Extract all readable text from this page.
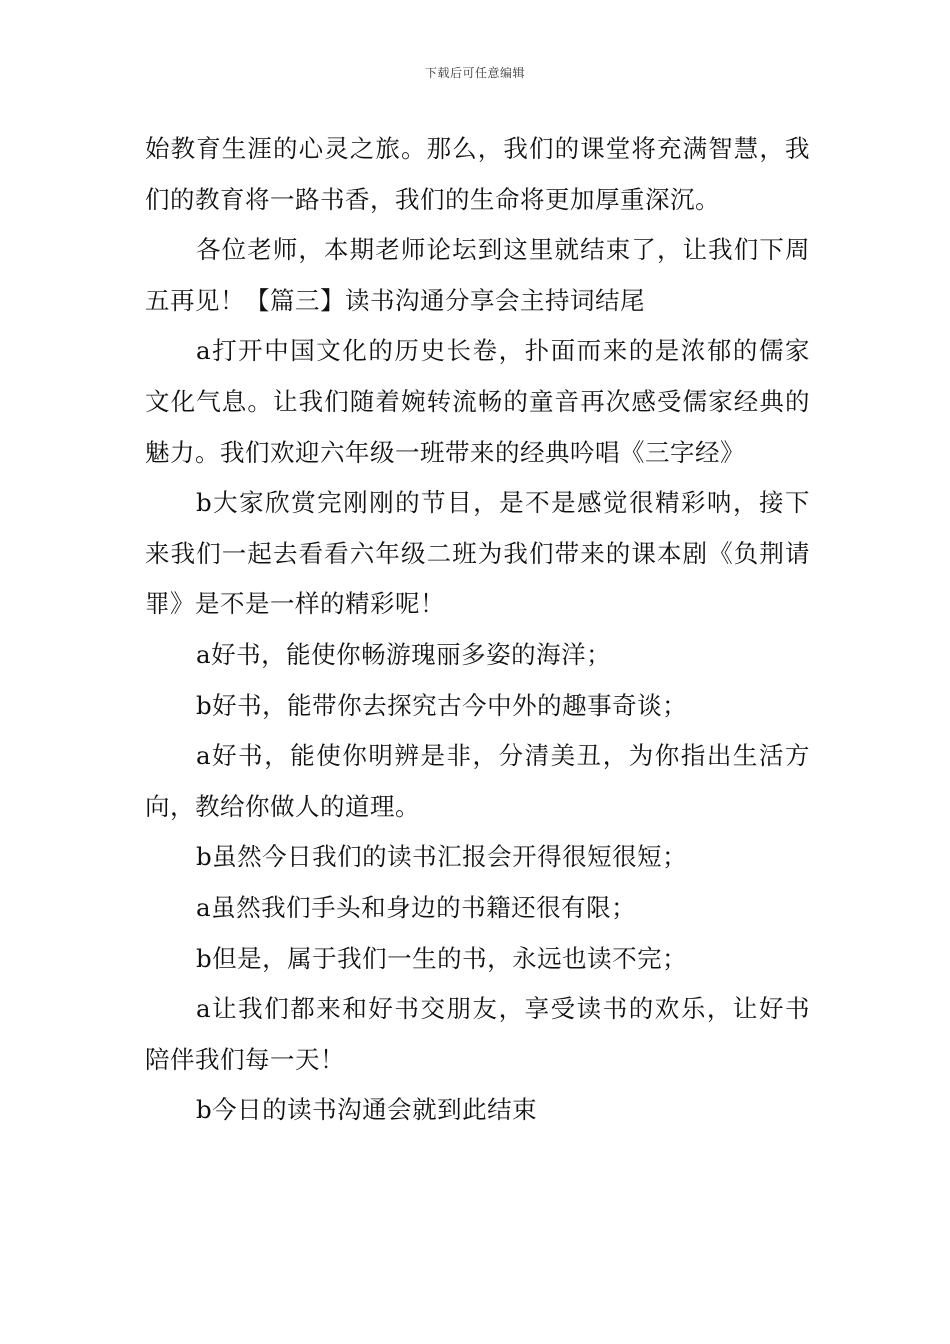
下载后可任意编辑

始教育生涯的心灵之旅。那么，我们的课堂将充满智慧，我们的教育将一路书香，我们的生命将更加厚重深沉。

各位老师，本期老师论坛到这里就结束了，让我们下周五再见！【篇三】读书沟通分享会主持词结尾

a打开中国文化的历史长卷，扑面而来的是浓郁的儒家文化气息。让我们随着婉转流畅的童音再次感受儒家经典的魅力。我们欢迎六年级一班带来的经典吟唱《三字经》

b大家欣赏完刚刚的节目，是不是感觉很精彩呐，接下来我们一起去看看六年级二班为我们带来的课本剧《负荆请罪》是不是一样的精彩呢！

a好书，能使你畅游瑰丽多姿的海洋；

b好书，能带你去探究古今中外的趣事奇谈；

a好书，能使你明辨是非，分清美丑，为你指出生活方向，教给你做人的道理。

b虽然今日我们的读书汇报会开得很短很短；

a虽然我们手头和身边的书籍还很有限；

b但是，属于我们一生的书，永远也读不完；

a让我们都来和好书交朋友，享受读书的欢乐，让好书陪伴我们每一天！

b今日的读书沟通会就到此结束
